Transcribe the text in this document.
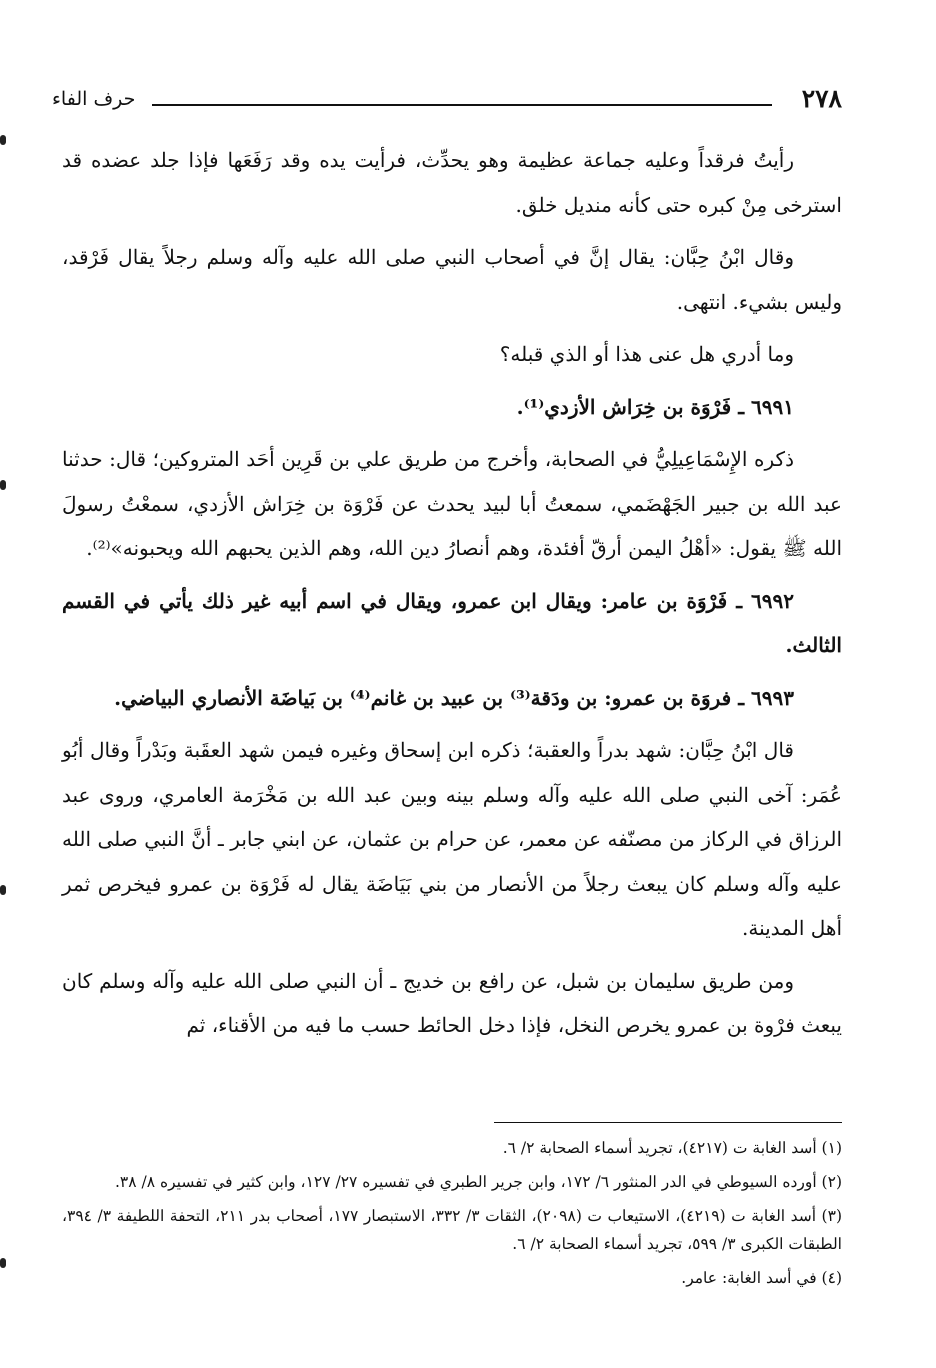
٢٧٨
حرف الفاء

رأيتُ فرقداً وعليه جماعة عظيمة وهو يحدِّث، فرأيت يده وقد رَفَعَها فإذا جلد عضده قد استرخى مِنْ كبره حتى كأنه منديل خلق.

وقال ابْنُ حِبَّان: يقال إنَّ في أصحاب النبي صلى الله عليه وآله وسلم رجلاً يقال فَرْقد، وليس بشيء. انتهى.

وما أدري هل عنى هذا أو الذي قبله؟

٦٩٩١ ـ فَرْوَة بن خِرَاش الأزدي⁽¹⁾.

ذكره الإِسْمَاعِيلِيُّ في الصحابة، وأخرج من طريق علي بن قَرِين أحَد المتروكين؛ قال: حدثنا عبد الله بن جبير الجَهْضَمي، سمعتُ أبا لبيد يحدث عن فَرْوَة بن خِرَاش الأزدي، سمعْتُ رسولَ الله ﷺ يقول: «أهْلُ اليمن أرقّ أفئدة، وهم أنصارُ دين الله، وهم الذين يحبهم الله ويحبونه»⁽²⁾.

٦٩٩٢ ـ فَرْوَة بن عامر: ويقال ابن عمرو، ويقال في اسم أبيه غير ذلك يأتي في القسم الثالث.

٦٩٩٣ ـ فروَة بن عمرو: بن ودَقة⁽³⁾ بن عبيد بن غانم⁽⁴⁾ بن بَياضَة الأنصاري البياضي.

قال ابْنُ حِبَّان: شهد بدراً والعقبة؛ ذكره ابن إسحاق وغيره فيمن شهد العقَبة وبَدْراً وقال أبُو عُمَر: آخى النبي صلى الله عليه وآله وسلم بينه وبين عبد الله بن مَخْرَمة العامري، وروى عبد الرزاق في الركاز من مصنّفه عن معمر، عن حرام بن عثمان، عن ابني جابر ـ أنَّ النبي صلى الله عليه وآله وسلم كان يبعث رجلاً من الأنصار من بني بَيَاضَة يقال له فَرْوَة بن عمرو فيخرص ثمر أهل المدينة.

ومن طريق سليمان بن شبل، عن رافع بن خديج ـ أن النبي صلى الله عليه وآله وسلم كان يبعث فرْوة بن عمرو يخرص النخل، فإذا دخل الحائط حسب ما فيه من الأقناء، ثم

(١) أسد الغابة ت (٤٢١٧)، تجريد أسماء الصحابة ٢/ ٦.

(٢) أورده السيوطي في الدر المنثور ٦/ ١٧٢، وابن جرير الطبري في تفسيره ٢٧/ ١٢٧، وابن كثير في تفسيره ٨/ ٣٨.

(٣) أسد الغابة ت (٤٢١٩)، الاستيعاب ت (٢٠٩٨)، الثقات ٣/ ٣٣٢، الاستبصار ١٧٧، أصحاب بدر ٢١١، التحفة اللطيفة ٣/ ٣٩٤، الطبقات الكبرى ٣/ ٥٩٩، تجريد أسماء الصحابة ٢/ ٦.

(٤) في أسد الغابة: عامر.
